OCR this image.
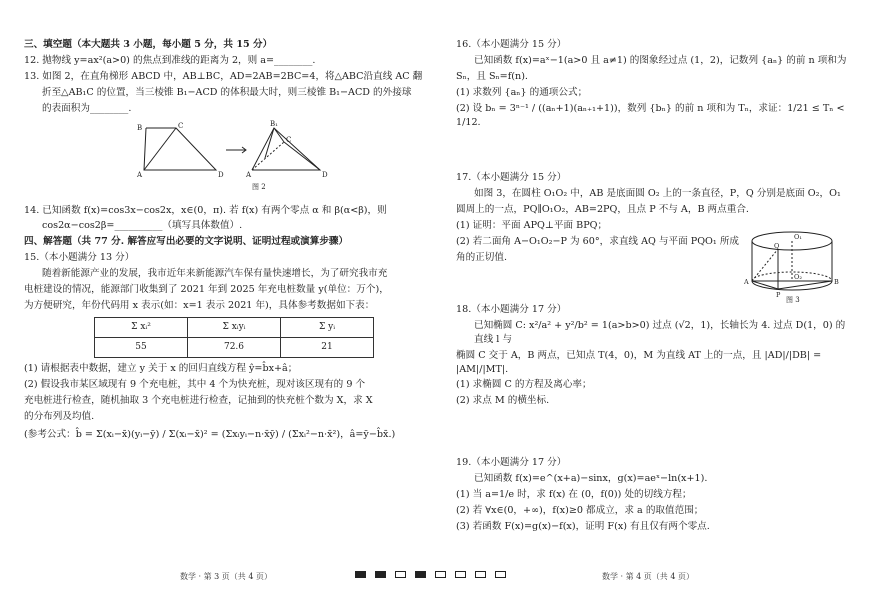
三、填空题（本大题共 3 小题，每小题 5 分，共 15 分）
12. 抛物线 y=ax²(a>0) 的焦点到准线的距离为 2，则 a=________.
13. 如图 2，在直角梯形 ABCD 中，AB⊥BC，AD=2AB=2BC=4，将△ABC沿直线 AC 翻
折至△AB₁C 的位置，当三棱锥 B₁−ACD 的体积最大时，则三棱锥 B₁−ACD 的外接球
的表面积为________.
B	C
A	D
B₁
C
A	D
图 2
14. 已知函数 f(x)=cos3x−cos2x，x∈(0，π). 若 f(x) 有两个零点 α 和 β(α<β)，则
cos2α−cos2β=__________（填写具体数值）.
四、解答题（共 77 分. 解答应写出必要的文字说明、证明过程或演算步骤）
15.（本小题满分 13 分）
随着新能源产业的发展，我市近年来新能源汽车保有量快速增长，为了研究我市充
电桩建设的情况，能源部门收集到了 2021 年到 2025 年充电桩数量 y(单位：万个)，
为方便研究，年份代码用 x 表示(如：x=1 表示 2021 年)，具体参考数据如下表：
Σ xᵢ²	Σ xᵢyᵢ	Σ yᵢ
55	72.6	21
(1) 请根据表中数据，建立 y 关于 x 的回归直线方程 ŷ=b̂x+â；
(2) 假设我市某区域现有 9 个充电桩，其中 4 个为快充桩，现对该区现有的 9 个
充电桩进行检查，随机抽取 3 个充电桩进行检查，记抽到的快充桩个数为 X，求 X
的分布列及均值.
(参考公式：b̂ = Σ(xᵢ−x̄)(yᵢ−ȳ) / Σ(xᵢ−x̄)² = (Σxᵢyᵢ−n·x̄ȳ) / (Σxᵢ²−n·x̄²)，â=ȳ−b̂x̄.)
16.（本小题满分 15 分）
已知函数 f(x)=aˣ−1(a>0 且 a≠1) 的图象经过点 (1，2)，记数列 {aₙ} 的前 n 项和为
Sₙ，且 Sₙ=f(n).
(1) 求数列 {aₙ} 的通项公式；
(2) 设 bₙ = 3ⁿ⁻¹ / ((aₙ+1)(aₙ₊₁+1))，数列 {bₙ} 的前 n 项和为 Tₙ，求证：1/21 ≤ Tₙ < 1/12.
17.（本小题满分 15 分）
如图 3，在圆柱 O₁O₂ 中，AB 是底面圆 O₂ 上的一条直径，P，Q 分别是底面 O₂，O₁
圆周上的一点，PQ∥O₁O₂，AB=2PQ，且点 P 不与 A，B 两点重合.
(1) 证明：平面 APQ⊥平面 BPQ；
(2) 若二面角 A−O₁O₂−P 为 60°，求直线 AQ 与平面 PQO₁ 所成
角的正切值.
O₁
Q
O₂
A	B
P
图 3
18.（本小题满分 17 分）
已知椭圆 C: x²/a² + y²/b² = 1(a>b>0) 过点 (√2，1)，长轴长为 4. 过点 D(1，0) 的直线 l 与
椭圆 C 交于 A，B 两点，已知点 T(4，0)，M 为直线 AT 上的一点，且 |AD|/|DB| = |AM|/|MT|.
(1) 求椭圆 C 的方程及离心率；
(2) 求点 M 的横坐标.
19.（本小题满分 17 分）
已知函数 f(x)=e^(x+a)−sinx，g(x)=aeˣ−ln(x+1).
(1) 当 a=1/e 时，求 f(x) 在 (0，f(0)) 处的切线方程；
(2) 若 ∀x∈(0，+∞)，f(x)≥0 都成立，求 a 的取值范围；
(3) 若函数 F(x)=g(x)−f(x)，证明 F(x) 有且仅有两个零点.
数学 · 第 3 页（共 4 页）	数学 · 第 4 页（共 4 页）
